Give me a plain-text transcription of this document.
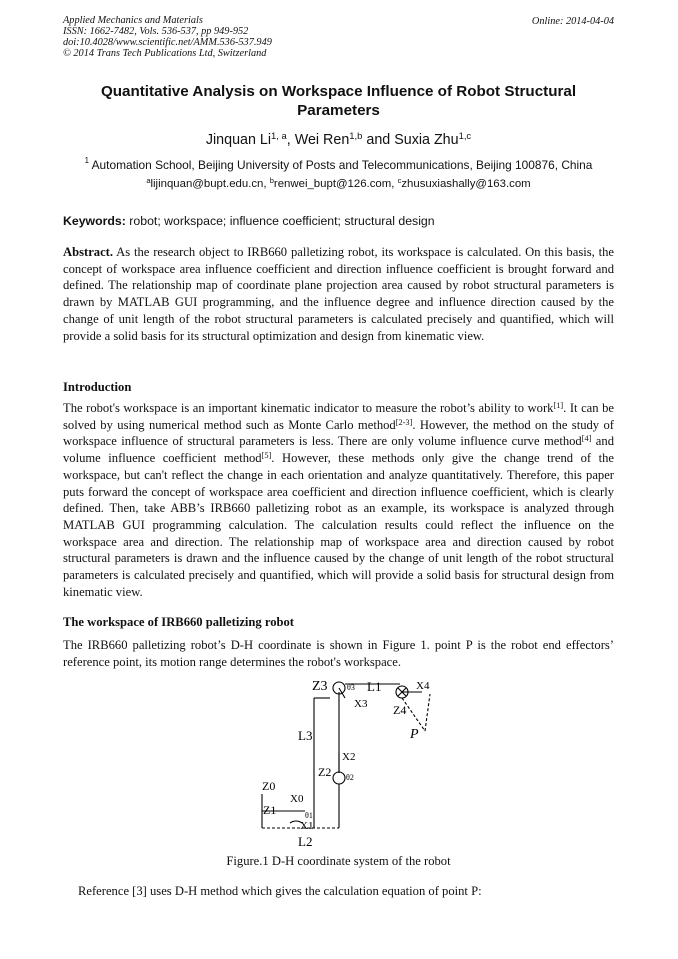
Applied Mechanics and Materials
ISSN: 1662-7482, Vols. 536-537, pp 949-952
doi:10.4028/www.scientific.net/AMM.536-537.949
© 2014 Trans Tech Publications Ltd, Switzerland
Online: 2014-04-04
Quantitative Analysis on Workspace Influence of Robot Structural Parameters
Jinquan Li$^{1, a}$, Wei Ren$^{1,b}$ and Suxia Zhu$^{1,c}$
$^1$ Automation School, Beijing University of Posts and Telecommunications, Beijing 100876, China
$^a$lijinquan@bupt.edu.cn, $^b$renwei_bupt@126.com, $^c$zhusuxiashally@163.com
Keywords: robot; workspace; influence coefficient; structural design
Abstract. As the research object to IRB660 palletizing robot, its workspace is calculated. On this basis, the concept of workspace area influence coefficient and direction influence coefficient is brought forward and defined. The relationship map of coordinate plane projection area caused by robot structural parameters is drawn by MATLAB GUI programming, and the influence degree and influence direction caused by the change of unit length of the robot structural parameters is calculated precisely and quantified, which will provide a solid basis for its structural optimization and design from kinematic view.
Introduction
The robot's workspace is an important kinematic indicator to measure the robot’s ability to work[1]. It can be solved by using numerical method such as Monte Carlo method[2-3]. However, the method on the study of workspace influence of structural parameters is less. There are only volume influence curve method[4] and volume influence coefficient method[5]. However, these methods only give the change trend of the workspace, but can't reflect the change in each orientation and analyze quantitatively. Therefore, this paper puts forward the concept of workspace area coefficient and direction influence coefficient, which is clearly defined. Then, take ABB’s IRB660 palletizing robot as an example, its workspace is analyzed through MATLAB GUI programming calculation. The calculation results could reflect the influence on the workspace area and direction. The relationship map of workspace area and direction caused by robot structural parameters is drawn and the influence caused by the change of unit length of the robot structural parameters is calculated precisely and quantified, which will provide a solid basis for structural design from kinematic view.
The workspace of IRB660 palletizing robot
The IRB660 palletizing robot’s D-H coordinate is shown in Figure 1. point P is the robot end effectors’ reference point, its motion range determines the robot's workspace.
Z3 θ3 L1	X4
X3 Z4
P
L3
X2
Z2 θ2
Z0
X0
Z1	θ1
X1
L2
Figure.1 D-H coordinate system of the robot
Reference [3] uses D-H method which gives the calculation equation of point P:
